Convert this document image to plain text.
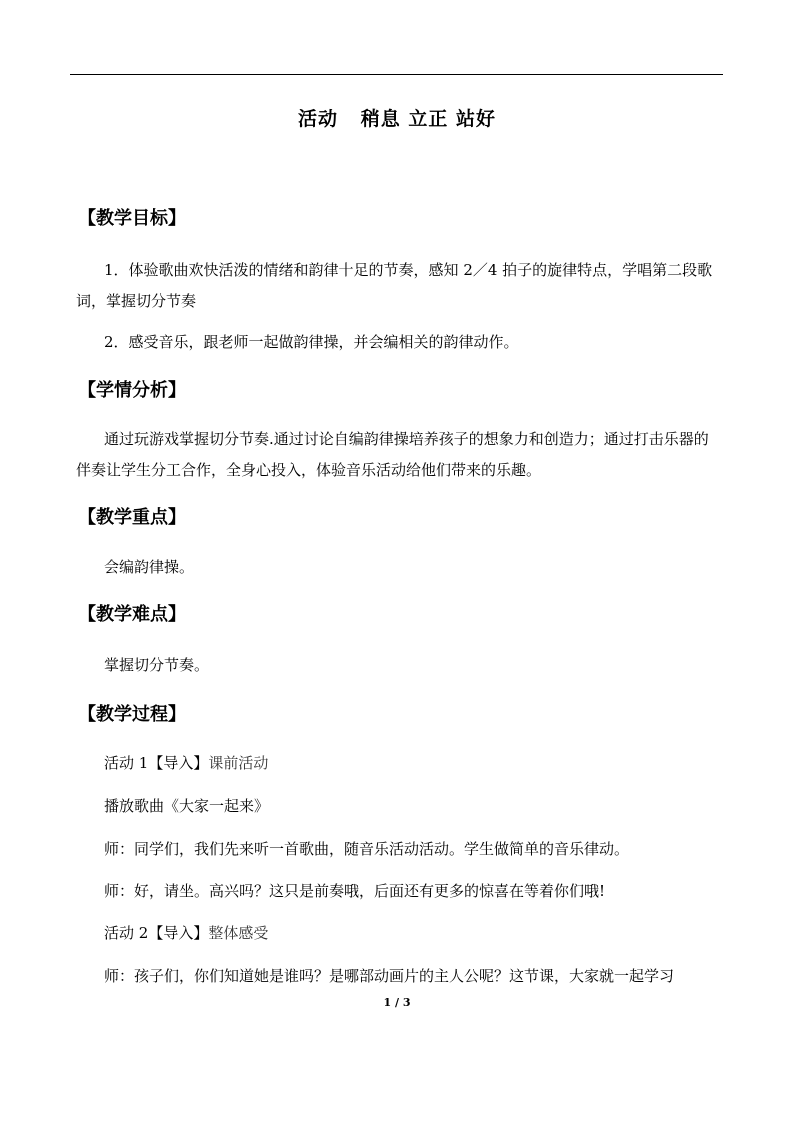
活动   稍息 立正 站好
【教学目标】
1．体验歌曲欢快活泼的情绪和韵律十足的节奏，感知 2／4 拍子的旋律特点，学唱第二段歌词，掌握切分节奏
2．感受音乐，跟老师一起做韵律操，并会编相关的韵律动作。
【学情分析】
通过玩游戏掌握切分节奏.通过讨论自编韵律操培养孩子的想象力和创造力；通过打击乐器的伴奏让学生分工合作，全身心投入，体验音乐活动给他们带来的乐趣。
【教学重点】
会编韵律操。
【教学难点】
掌握切分节奏。
【教学过程】
活动 1【导入】课前活动
播放歌曲《大家一起来》
师：同学们，我们先来听一首歌曲，随音乐活动活动。学生做简单的音乐律动。
师：好，请坐。高兴吗？这只是前奏哦，后面还有更多的惊喜在等着你们哦!
活动 2【导入】整体感受
师：孩子们，你们知道她是谁吗？是哪部动画片的主人公呢？这节课，大家就一起学习
1 / 3
